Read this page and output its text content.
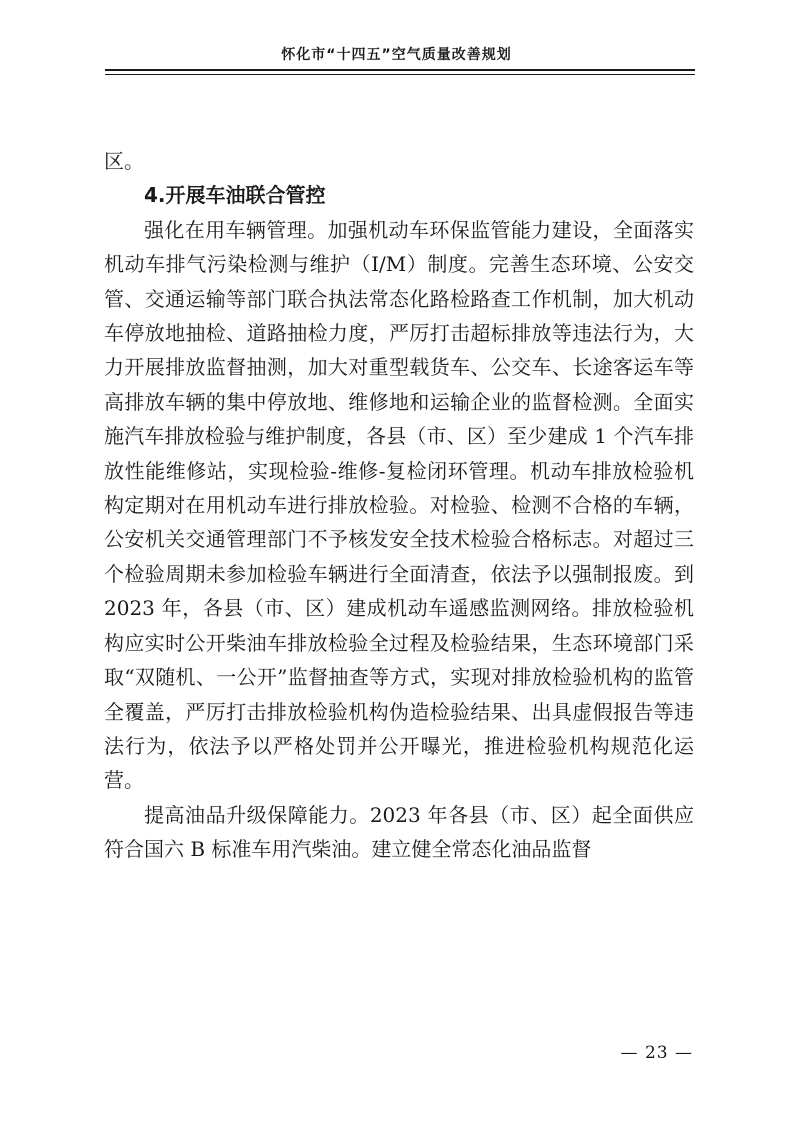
怀化市“十四五”空气质量改善规划

区。

4.开展车油联合管控

强化在用车辆管理。加强机动车环保监管能力建设，全面落实机动车排气污染检测与维护（I/M）制度。完善生态环境、公安交管、交通运输等部门联合执法常态化路检路查工作机制，加大机动车停放地抽检、道路抽检力度，严厉打击超标排放等违法行为，大力开展排放监督抽测，加大对重型载货车、公交车、长途客运车等高排放车辆的集中停放地、维修地和运输企业的监督检测。全面实施汽车排放检验与维护制度，各县（市、区）至少建成 1 个汽车排放性能维修站，实现检验-维修-复检闭环管理。机动车排放检验机构定期对在用机动车进行排放检验。对检验、检测不合格的车辆，公安机关交通管理部门不予核发安全技术检验合格标志。对超过三个检验周期未参加检验车辆进行全面清查，依法予以强制报废。到 2023 年，各县（市、区）建成机动车遥感监测网络。排放检验机构应实时公开柴油车排放检验全过程及检验结果，生态环境部门采取“双随机、一公开”监督抽查等方式，实现对排放检验机构的监管全覆盖，严厉打击排放检验机构伪造检验结果、出具虚假报告等违法行为，依法予以严格处罚并公开曝光，推进检验机构规范化运营。

提高油品升级保障能力。2023 年各县（市、区）起全面供应符合国六 B 标准车用汽柴油。建立健全常态化油品监督

— 23 —
